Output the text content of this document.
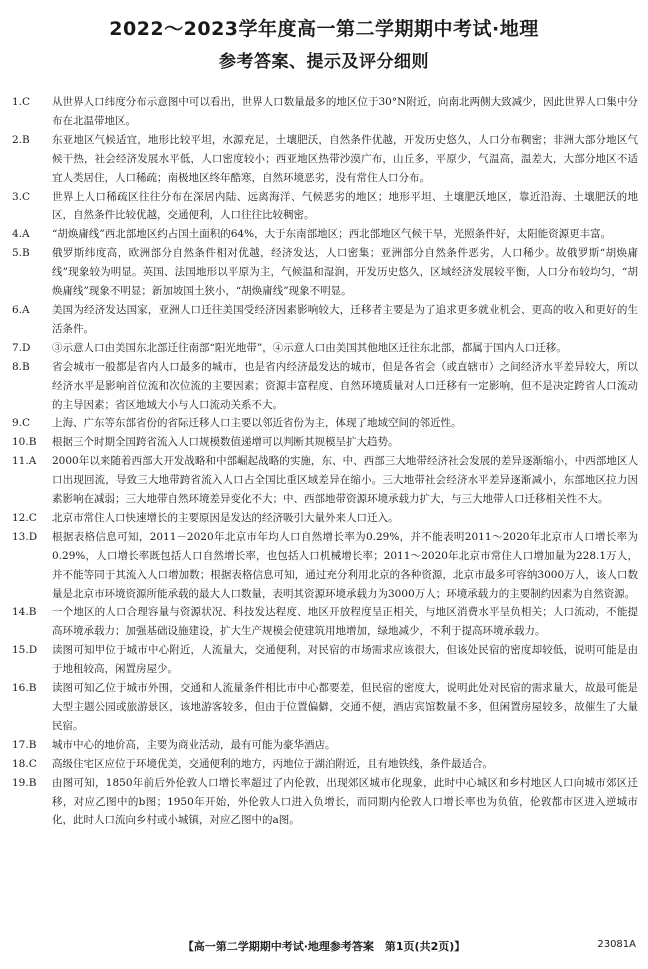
2022～2023学年度高一第二学期期中考试·地理
参考答案、提示及评分细则

1.C 从世界人口纬度分布示意图中可以看出，世界人口数量最多的地区位于30°N附近，向南北两侧大致减少，因此世界人口集中分布在北温带地区。

2.B 东亚地区气候适宜，地形比较平坦，水源充足，土壤肥沃，自然条件优越，开发历史悠久，人口分布稠密；非洲大部分地区气候干热，社会经济发展水平低，人口密度较小；西亚地区热带沙漠广布，山丘多，平原少，气温高，温差大，大部分地区不适宜人类居住，人口稀疏；南极地区终年酷寒，自然环境恶劣，没有常住人口分布。

3.C 世界上人口稀疏区往往分布在深居内陆、远离海洋、气候恶劣的地区；地形平坦、土壤肥沃地区，靠近沿海、土壤肥沃的地区，自然条件比较优越，交通便利，人口往往比较稠密。

4.A “胡焕庸线”西北部地区约占国土面积的64%，大于东南部地区；西北部地区气候干旱，光照条件好，太阳能资源更丰富。

5.B 俄罗斯纬度高，欧洲部分自然条件相对优越，经济发达，人口密集；亚洲部分自然条件恶劣，人口稀少。故俄罗斯“胡焕庸线”现象较为明显。英国、法国地形以平原为主，气候温和湿润，开发历史悠久，区域经济发展较平衡，人口分布较均匀，“胡焕庸线”现象不明显；新加坡国土狭小，“胡焕庸线”现象不明显。

6.A 美国为经济发达国家，亚洲人口迁往美国受经济因素影响较大，迁移者主要是为了追求更多就业机会、更高的收入和更好的生活条件。

7.D ③示意人口由美国东北部迁往南部“阳光地带”，④示意人口由美国其他地区迁往东北部，都属于国内人口迁移。

8.B 省会城市一般都是省内人口最多的城市，也是省内经济最发达的城市，但是各省会（或直辖市）之间经济水平差异较大，所以经济水平是影响首位流和次位流的主要因素；资源丰富程度、自然环境质量对人口迁移有一定影响，但不是决定跨省人口流动的主导因素；省区地域大小与人口流动关系不大。

9.C 上海、广东等东部省份的省际迁移人口主要以邻近省份为主，体现了地域空间的邻近性。

10.B 根据三个时期全国跨省流入人口规模数值递增可以判断其规模呈扩大趋势。

11.A 2000年以来随着西部大开发战略和中部崛起战略的实施，东、中、西部三大地带经济社会发展的差异逐渐缩小，中西部地区人口出现回流，导致三大地带跨省流入人口占全国比重区域差异在缩小。三大地带社会经济水平差异逐渐减小，东部地区拉力因素影响在减弱；三大地带自然环境差异变化不大；中、西部地带资源环境承载力扩大，与三大地带人口迁移相关性不大。

12.C 北京市常住人口快速增长的主要原因是发达的经济吸引大量外来人口迁入。

13.D 根据表格信息可知，2011－2020年北京市年均人口自然增长率为0.29%，并不能表明2011～2020年北京市人口增长率为0.29%，人口增长率既包括人口自然增长率，也包括人口机械增长率；2011～2020年北京市常住人口增加量为228.1万人，并不能等同于其流入人口增加数；根据表格信息可知，通过充分利用北京的各种资源，北京市最多可容纳3000万人，该人口数量是北京市环境资源所能承载的最大人口数量，表明其资源环境承载力为3000万人；环境承载力的主要制约因素为自然资源。

14.B 一个地区的人口合理容量与资源状况、科技发达程度、地区开放程度呈正相关，与地区消费水平呈负相关；人口流动，不能提高环境承载力；加强基础设施建设，扩大生产规模会使建筑用地增加，绿地减少，不利于提高环境承载力。

15.D 读图可知甲位于城市中心附近，人流量大，交通便利，对民宿的市场需求应该很大，但该处民宿的密度却较低，说明可能是由于地租较高，闲置房屋少。

16.B 读图可知乙位于城市外围，交通和人流量条件相比市中心都要差，但民宿的密度大，说明此处对民宿的需求量大，故最可能是大型主题公园或旅游景区，该地游客较多，但由于位置偏僻，交通不便，酒店宾馆数量不多，但闲置房屋较多，故催生了大量民宿。

17.B 城市中心的地价高，主要为商业活动，最有可能为豪华酒店。

18.C 高级住宅区应位于环境优美，交通便利的地方，丙地位于湖泊附近，且有地铁线，条件最适合。

19.B 由图可知，1850年前后外伦敦人口增长率超过了内伦敦，出现郊区城市化现象，此时中心城区和乡村地区人口向城市郊区迁移，对应乙图中的b图；1950年开始，外伦敦人口进入负增长，而同期内伦敦人口增长率也为负值，伦敦都市区进入逆城市化，此时人口流向乡村或小城镇，对应乙图中的a图。

【高一第二学期期中考试·地理参考答案　第1页(共2页)】	23081A
